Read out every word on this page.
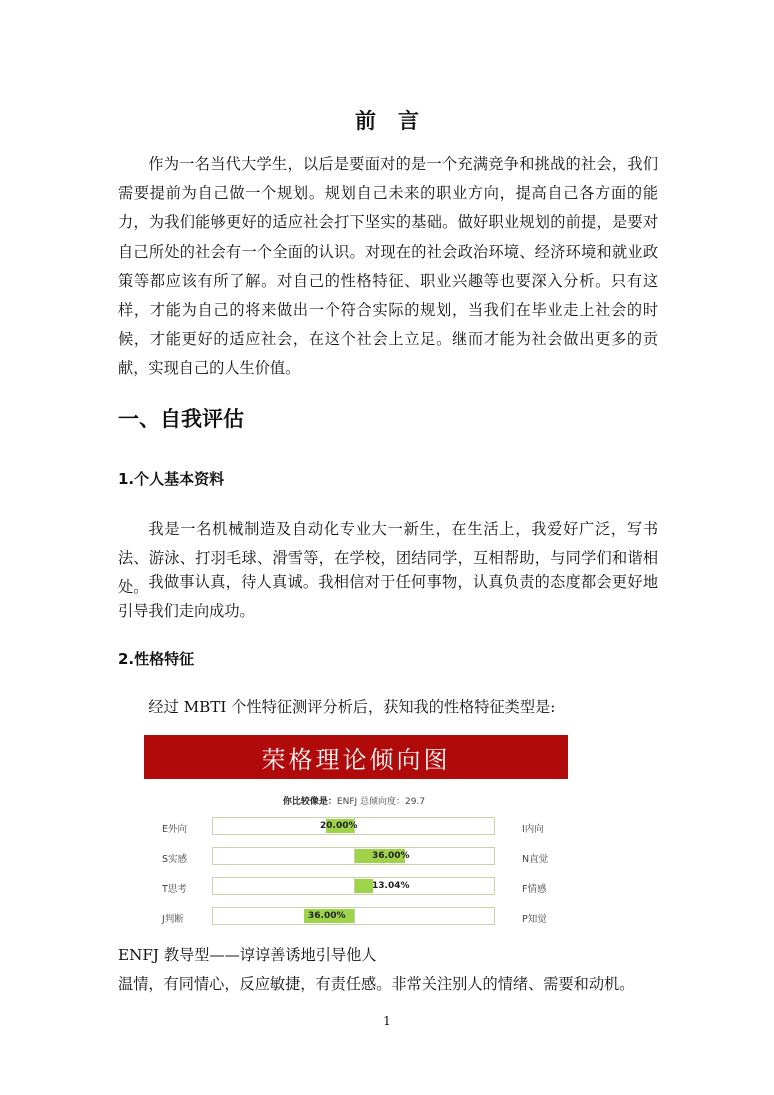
前言

作为一名当代大学生，以后是要面对的是一个充满竞争和挑战的社会，我们需要提前为自己做一个规划。规划自己未来的职业方向，提高自己各方面的能力，为我们能够更好的适应社会打下坚实的基础。做好职业规划的前提，是要对自己所处的社会有一个全面的认识。对现在的社会政治环境、经济环境和就业政策等都应该有所了解。对自己的性格特征、职业兴趣等也要深入分析。只有这样，才能为自己的将来做出一个符合实际的规划，当我们在毕业走上社会的时候，才能更好的适应社会，在这个社会上立足。继而才能为社会做出更多的贡献，实现自己的人生价值。

一、自我评估
1.个人基本资料

我是一名机械制造及自动化专业大一新生，在生活上，我爱好广泛，写书法、游泳、打羽毛球、滑雪等，在学校，团结同学，互相帮助，与同学们和谐相处。 我做事认真，待人真诚。我相信对于任何事物，认真负责的态度都会更好地引导我们走向成功。

2.性格特征

经过 MBTI 个性特征测评分析后，获知我的性格特征类型是:

荣格理论倾向图
你比较像是：ENFJ 总倾向度：29.7
E外向	20.00%	I内向
S实感	36.00%	N直觉
T思考	13.04%	F情感
J判断	36.00%	P知觉

ENFJ 教导型——谆谆善诱地引导他人

温情，有同情心，反应敏捷，有责任感。非常关注别人的情绪、需要和动机。

1
